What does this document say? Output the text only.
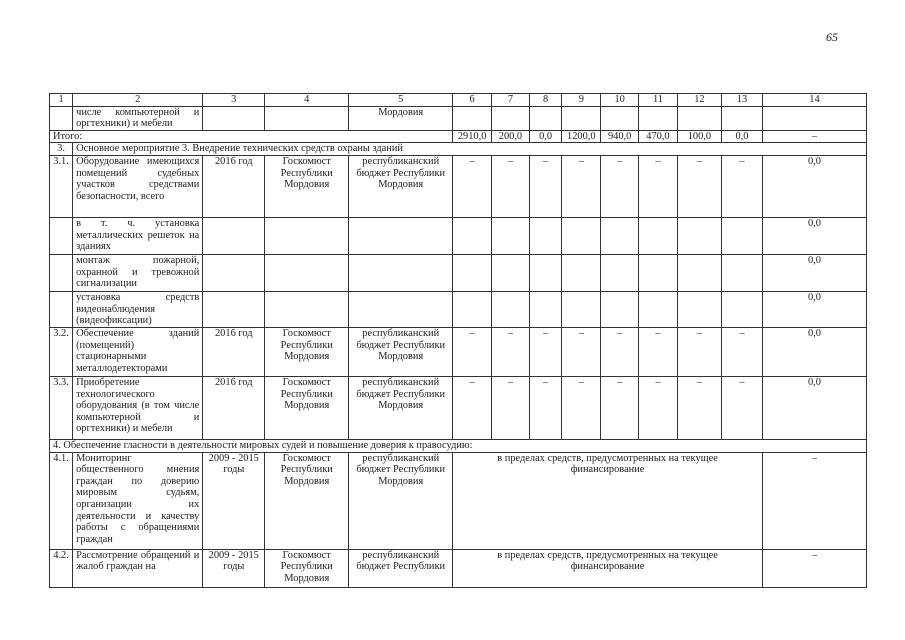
65
1	2	3	4	5	6	7	8	9	10	11	12	13	14
	числе компьютерной и оргтехники) и мебели			Мордовия									
Итого:					2910,0	200,0	0,0	1200,0	940,0	470,0	100,0	0,0	–
3.	Основное мероприятие 3. Внедрение технических средств охраны зданий												
3.1.	Оборудование имеющихся помещений судебных участков средствами безопасности, всего	2016 год	Госкомюст Республики Мордовия	республиканский бюджет Республики Мордовия	–	–	–	–	–	–	–	–	0,0
	в т. ч. установка металлических решеток на зданиях												0,0
	монтаж пожарной, охранной и тревожной сигнализации												0,0
	установка средств видеонаблюдения (видеофиксации)												0,0
3.2.	Обеспечение зданий (помещений) стационарными металлодетекторами	2016 год	Госкомюст Республики Мордовия	республиканский бюджет Республики Мордовия	–	–	–	–	–	–	–	–	0,0
3.3.	Приобретение технологического оборудования (в том числе компьютерной и оргтехники) и мебели	2016 год	Госкомюст Республики Мордовия	республиканский бюджет Республики Мордовия	–	–	–	–	–	–	–	–	0,0
4. Обеспечение гласности в деятельности мировых судей и повышение доверия к правосудию:													
4.1.	Мониторинг общественного мнения граждан по доверию мировым судьям, организации их деятельности и качеству работы с обращениями граждан	2009 - 2015 годы	Госкомюст Республики Мордовия	республиканский бюджет Республики Мордовия	в пределах средств, предусмотренных на текущее финансирование								–
4.2.	Рассмотрение обращений и жалоб граждан на	2009 - 2015 годы	Госкомюст Республики Мордовия	республиканский бюджет Республики	в пределах средств, предусмотренных на текущее финансирование								–
